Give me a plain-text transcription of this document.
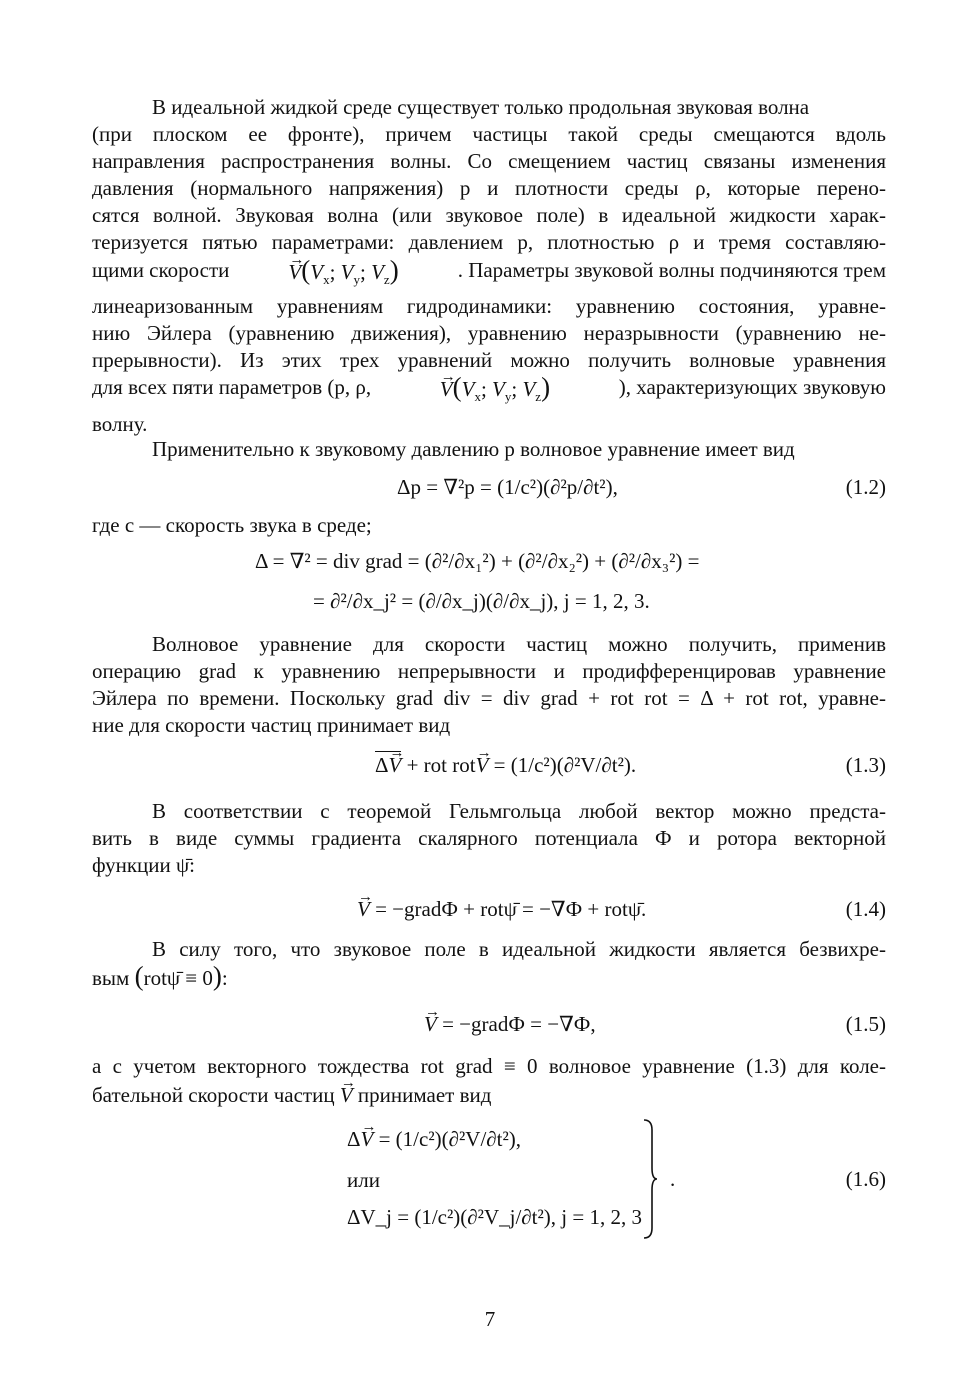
В идеальной жидкой среде существует только продольная звуковая волна
(при плоском ее фронте), причем частицы такой среды смещаются вдоль
направления распространения волны. Со смещением частиц связаны изменения
давления (нормального напряжения) p и плотности среды ρ, которые перено-
сятся волной. Звуковая волна (или звуковое поле) в идеальной жидкости харак-
теризуется пятью параметрами: давлением p, плотностью ρ и тремя составляю-
щими скорости	→ $V(V_x$; $V_y$; $V_z$)	. Параметры звуковой волны подчиняются трем
линеаризованным уравнениям гидродинамики: уравнению состояния, уравне-
нию Эйлера (уравнению движения), уравнению неразрывности (уравнению не-
прерывности). Из этих трех уравнений можно получить волновые уравнения
для всех пяти параметров (p, ρ,	→ $V(V_x$; $V_y$; $V_z$)	), характеризующих звуковую
волну.
Применительно к звуковому давлению p волновое уравнение имеет вид
Δp = ∇²p = (1/c²)(∂²p/∂t²),	(1.2)
где c — скорость звука в среде;
Δ = ∇² = div grad = (∂²/∂x₁²) + (∂²/∂x₂²) + (∂²/∂x₃²) =
= ∂²/∂x_j² = (∂/∂x_j)(∂/∂x_j), j = 1, 2, 3.
Волновое уравнение для скорости частиц можно получить, применив
операцию grad к уравнению непрерывности и продифференцировав уравнение
Эйлера по времени. Поскольку grad div = div grad + rot rot = Δ + rot rot, уравне-
ние для скорости частиц принимает вид
Δ→ V + rot rot→ V = (1/c²)(∂²V/∂t²).	(1.3)
В соответствии с теоремой Гельмгольца любой вектор можно предста-
вить в виде суммы градиента скалярного потенциала Ф и ротора векторной
функции ψ̄:
→ V = −gradФ + rotψ̄ = −∇Ф + rotψ̄.	(1.4)
В силу того, что звуковое поле в идеальной жидкости является безвихре-
вым (rotψ̄ ≡ 0):
→ V = −gradФ = −∇Ф,	(1.5)
а с учетом векторного тождества rot grad ≡ 0 волновое уравнение (1.3) для коле-
бательной скорости частиц → V принимает вид
Δ→ V = (1/c²)(∂²V/∂t²),
или
ΔV_j = (1/c²)(∂²V_j/∂t²), j = 1, 2, 3
.	(1.6)
7
